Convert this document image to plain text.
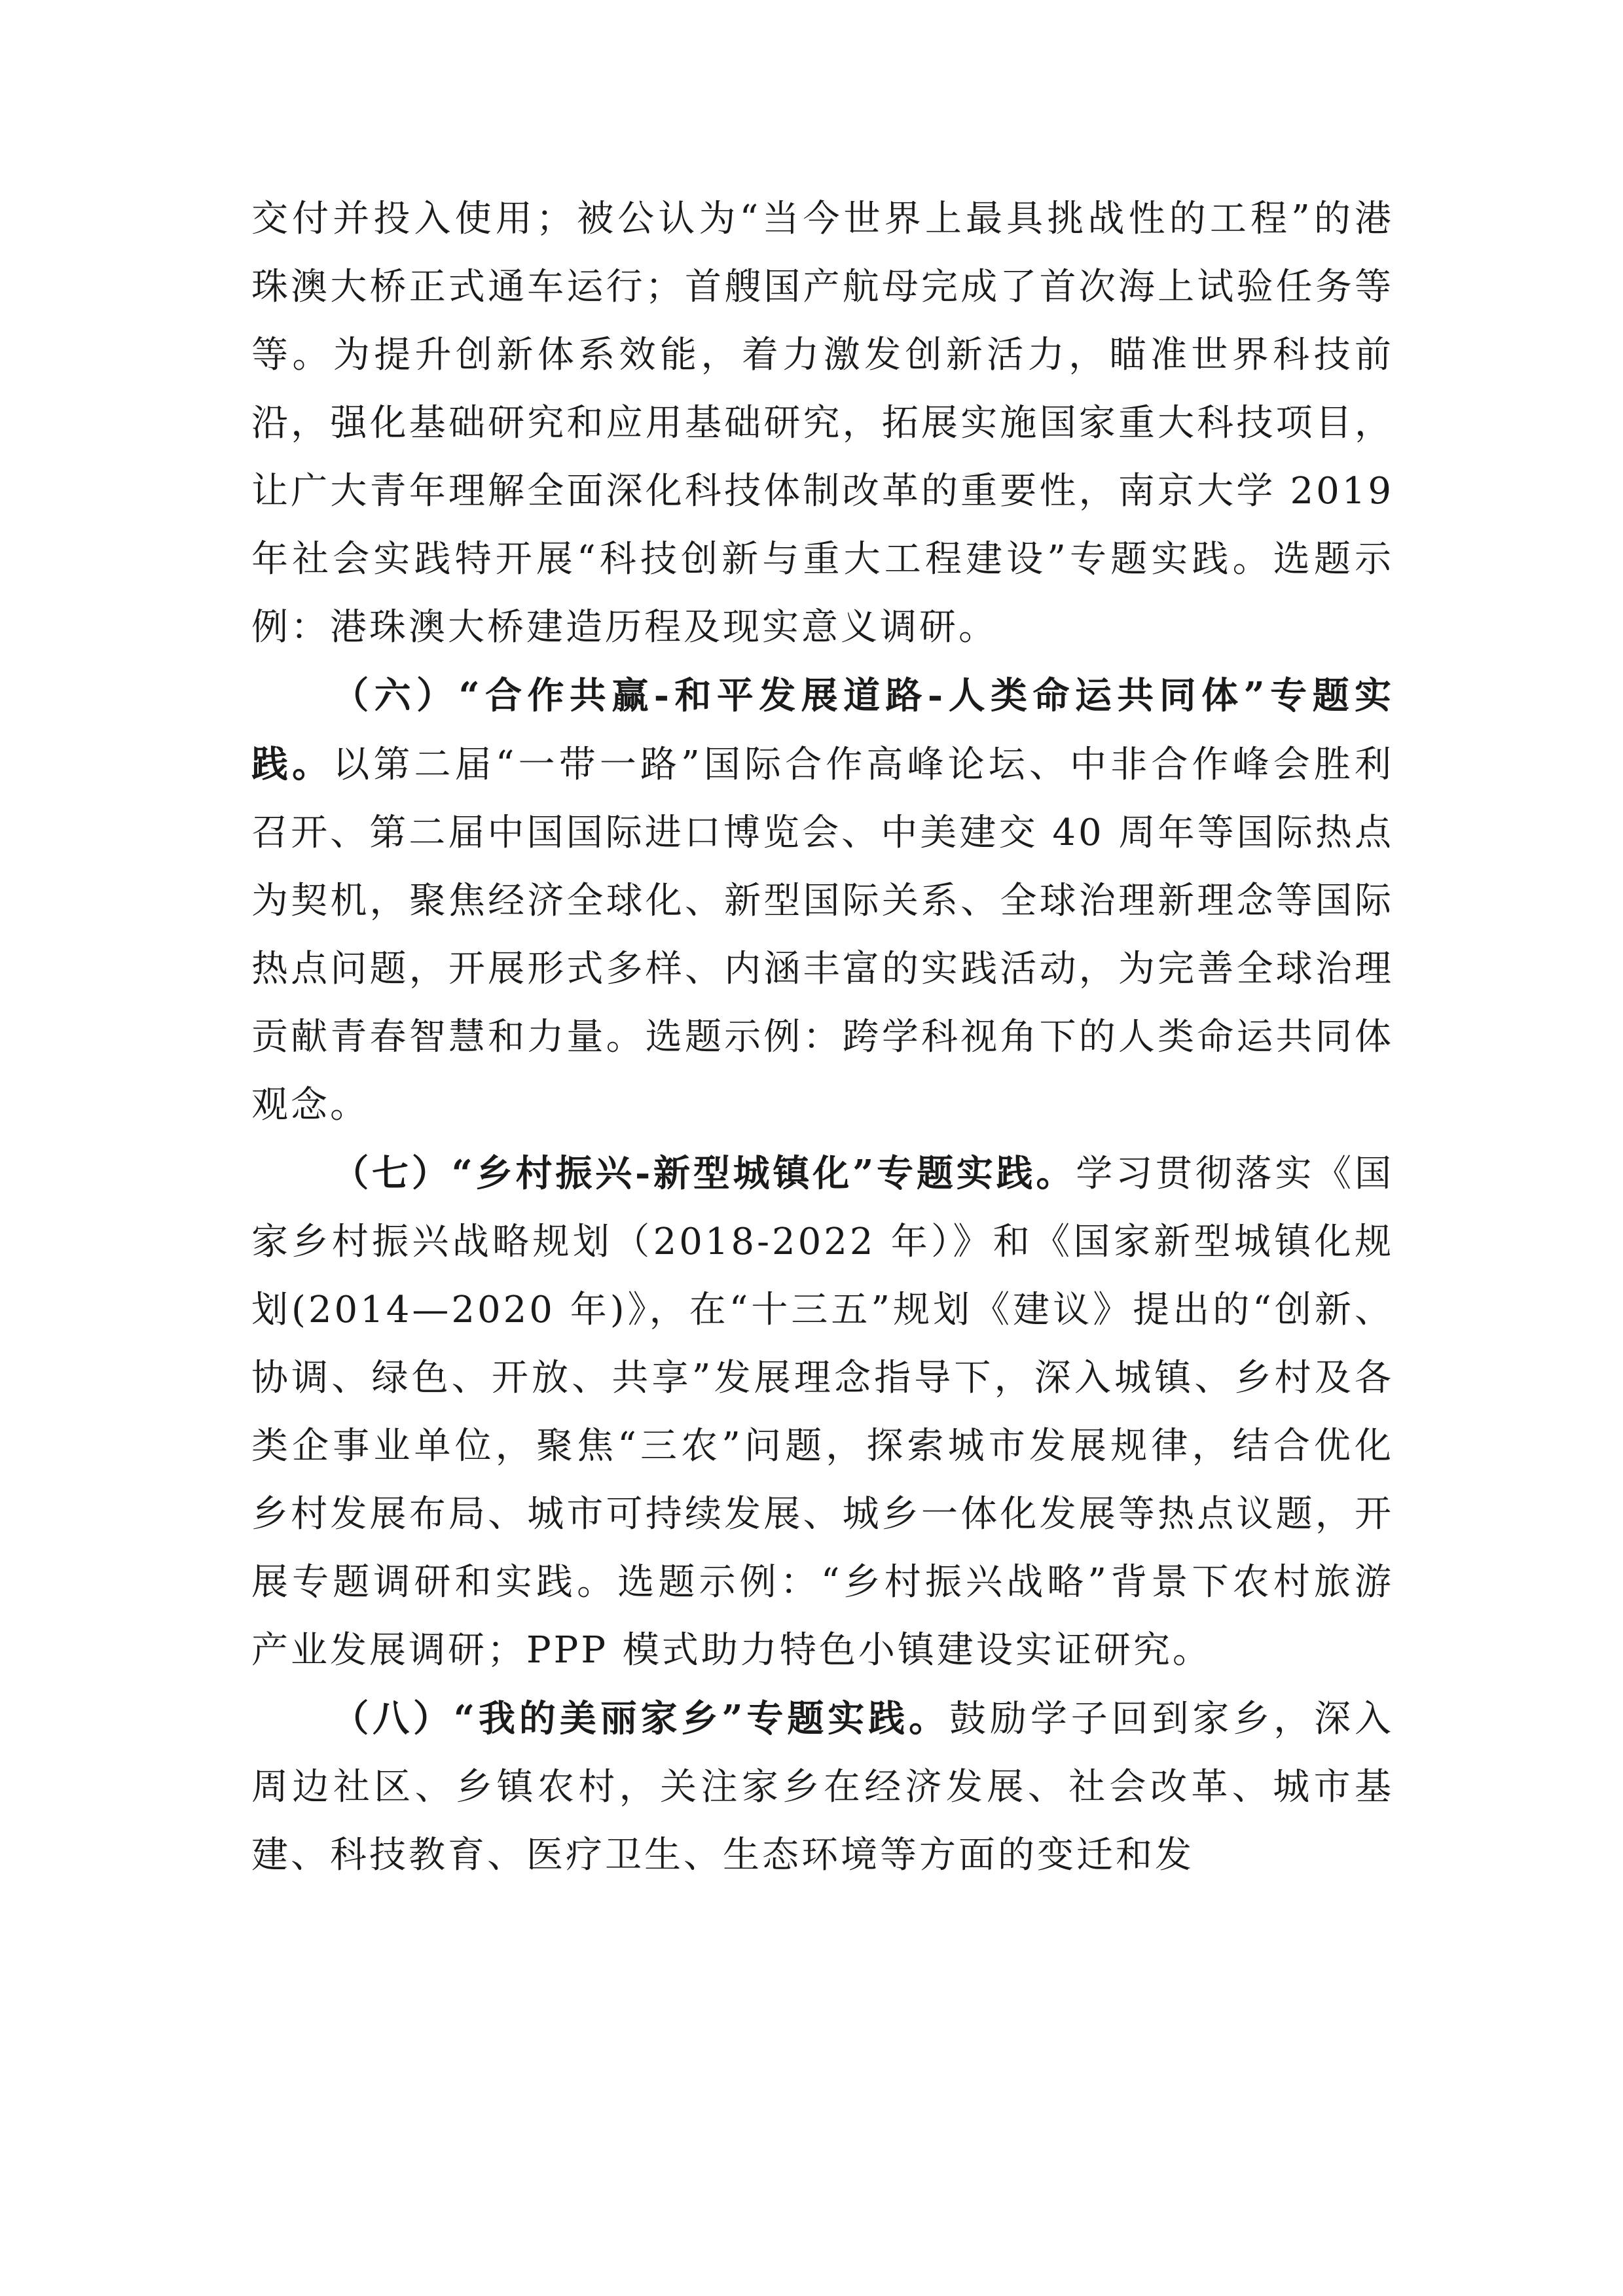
交付并投入使用；被公认为“当今世界上最具挑战性的工程”的港珠澳大桥正式通车运行；首艘国产航母完成了首次海上试验任务等等。为提升创新体系效能，着力激发创新活力，瞄准世界科技前沿，强化基础研究和应用基础研究，拓展实施国家重大科技项目，让广大青年理解全面深化科技体制改革的重要性，南京大学 2019 年社会实践特开展“科技创新与重大工程建设”专题实践。选题示例：港珠澳大桥建造历程及现实意义调研。

（六）“合作共赢-和平发展道路-人类命运共同体”专题实践。以第二届“一带一路”国际合作高峰论坛、中非合作峰会胜利召开、第二届中国国际进口博览会、中美建交 40 周年等国际热点为契机，聚焦经济全球化、新型国际关系、全球治理新理念等国际热点问题，开展形式多样、内涵丰富的实践活动，为完善全球治理贡献青春智慧和力量。选题示例：跨学科视角下的人类命运共同体观念。

（七）“乡村振兴-新型城镇化”专题实践。学习贯彻落实《国家乡村振兴战略规划（2018-2022 年）》和《国家新型城镇化规划(2014—2020 年)》，在“十三五”规划《建议》提出的“创新、协调、绿色、开放、共享”发展理念指导下，深入城镇、乡村及各类企事业单位，聚焦“三农”问题，探索城市发展规律，结合优化乡村发展布局、城市可持续发展、城乡一体化发展等热点议题，开展专题调研和实践。选题示例：“乡村振兴战略”背景下农村旅游产业发展调研；PPP 模式助力特色小镇建设实证研究。

（八）“我的美丽家乡”专题实践。鼓励学子回到家乡，深入周边社区、乡镇农村，关注家乡在经济发展、社会改革、城市基建、科技教育、医疗卫生、生态环境等方面的变迁和发
